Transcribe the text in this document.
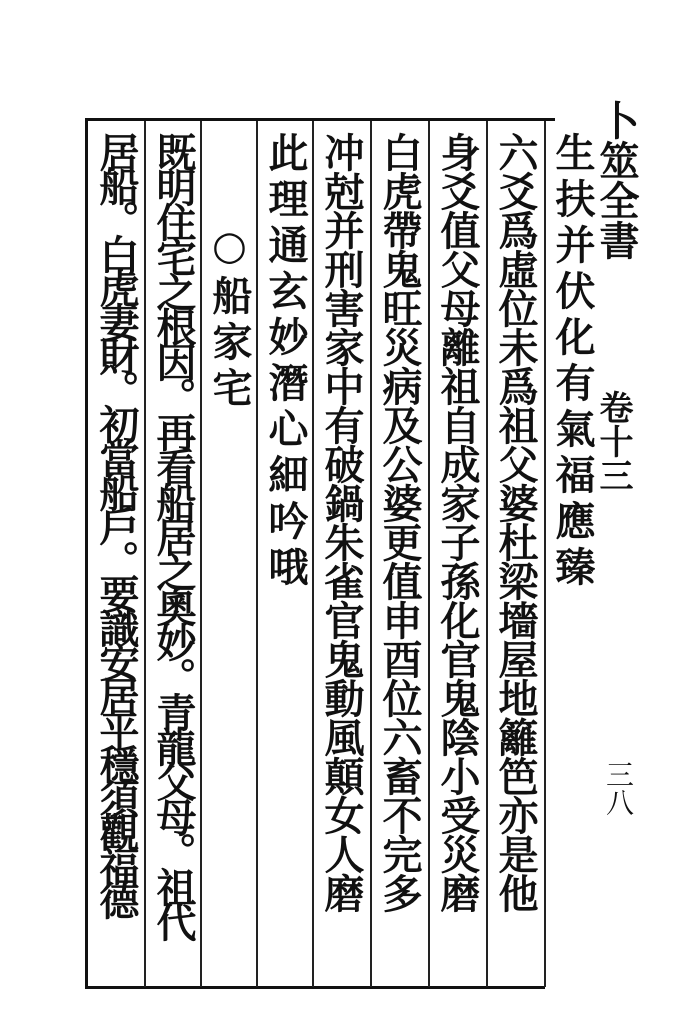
卜筮全書
卷十三
三八
生扶并伏化有氣福應臻
六爻爲虛位未爲祖父婆杜梁墻屋地籬笆亦是他
身爻值父母離祖自成家子孫化官鬼陰小受災磨
白虎帶鬼旺災病及公婆更值申酉位六畜不完多
冲尅并刑害家中有破鍋朱雀官鬼動風顛女人磨
此理通玄妙潛心細吟哦
○船家宅
既明住宅之根因。再看船居之奧妙。青龍父母。祖代
居船。白虎妻財。初當船戶。要識安居平穩須觀福德
